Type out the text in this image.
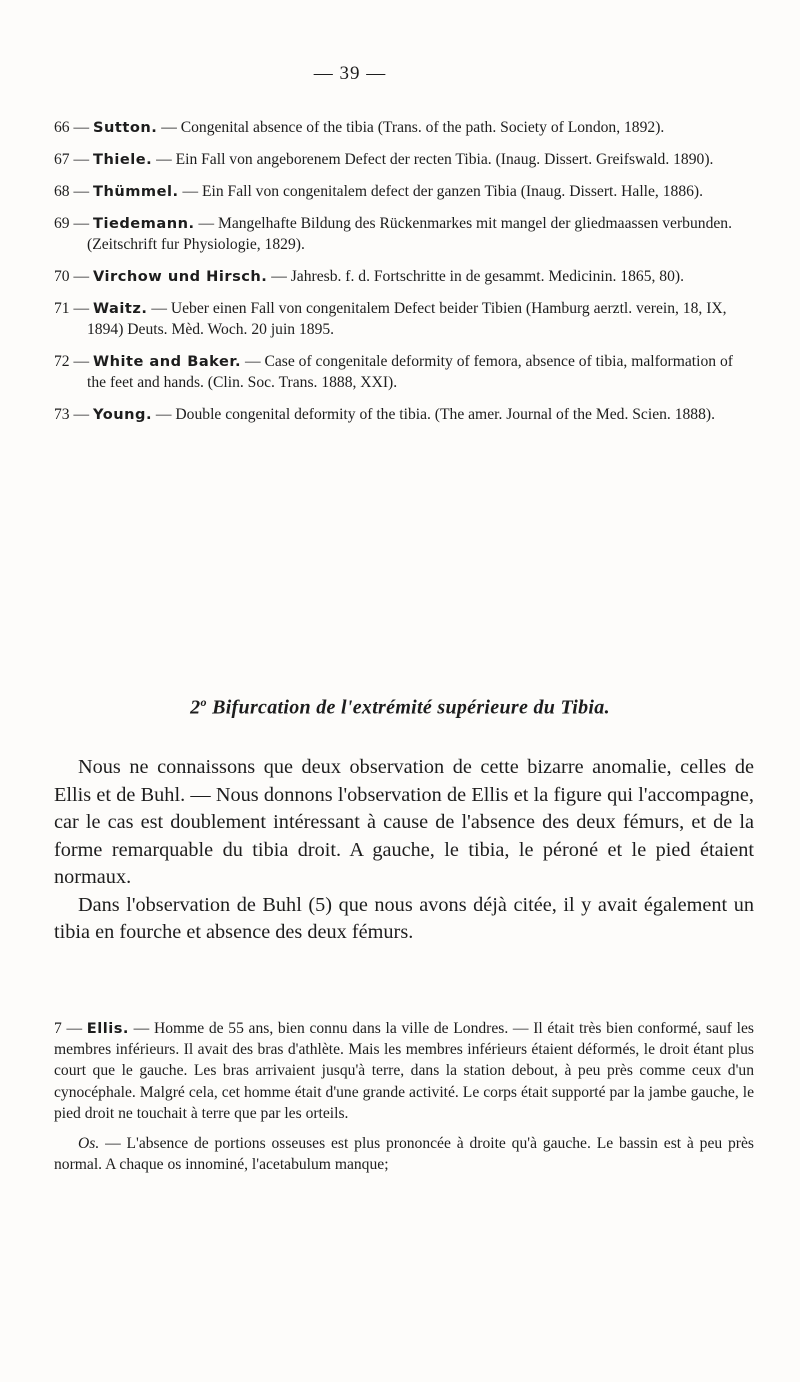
— 39 —

66 — Sutton. — Congenital absence of the tibia (Trans. of the path. Society of London, 1892).

67 — Thiele. — Ein Fall von angeborenem Defect der recten Tibia. (Inaug. Dissert. Greifswald. 1890).

68 — Thümmel. — Ein Fall von congenitalem defect der ganzen Tibia (Inaug. Dissert. Halle, 1886).

69 — Tiedemann. — Mangelhafte Bildung des Rückenmarkes mit mangel der gliedmaassen verbunden. (Zeitschrift fur Physiologie, 1829).

70 — Virchow und Hirsch. — Jahresb. f. d. Fortschritte in de gesammt. Medicinin. 1865, 80).

71 — Waitz. — Ueber einen Fall von congenitalem Defect beider Tibien (Hamburg aerztl. verein, 18, IX, 1894) Deuts. Mèd. Woch. 20 juin 1895.

72 — White and Baker. — Case of congenitale deformity of femora, absence of tibia, malformation of the feet and hands. (Clin. Soc. Trans. 1888, XXI).

73 — Young. — Double congenital deformity of the tibia. (The amer. Journal of the Med. Scien. 1888).

2$^o$ Bifurcation de l'extrémité supérieure du Tibia.

Nous ne connaissons que deux observation de cette bizarre anomalie, celles de Ellis et de Buhl. — Nous donnons l'observation de Ellis et la figure qui l'accompagne, car le cas est doublement intéressant à cause de l'absence des deux fémurs, et de la forme remarquable du tibia droit. A gauche, le tibia, le péroné et le pied étaient normaux.

Dans l'observation de Buhl (5) que nous avons déjà citée, il y avait également un tibia en fourche et absence des deux fémurs.

7 — Ellis. — Homme de 55 ans, bien connu dans la ville de Londres. — Il était très bien conformé, sauf les membres inférieurs. Il avait des bras d'athlète. Mais les membres inférieurs étaient déformés, le droit étant plus court que le gauche. Les bras arrivaient jusqu'à terre, dans la station debout, à peu près comme ceux d'un cynocéphale. Malgré cela, cet homme était d'une grande activité. Le corps était supporté par la jambe gauche, le pied droit ne touchait à terre que par les orteils.

Os. — L'absence de portions osseuses est plus prononcée à droite qu'à gauche. Le bassin est à peu près normal. A chaque os innominé, l'acetabulum manque;
